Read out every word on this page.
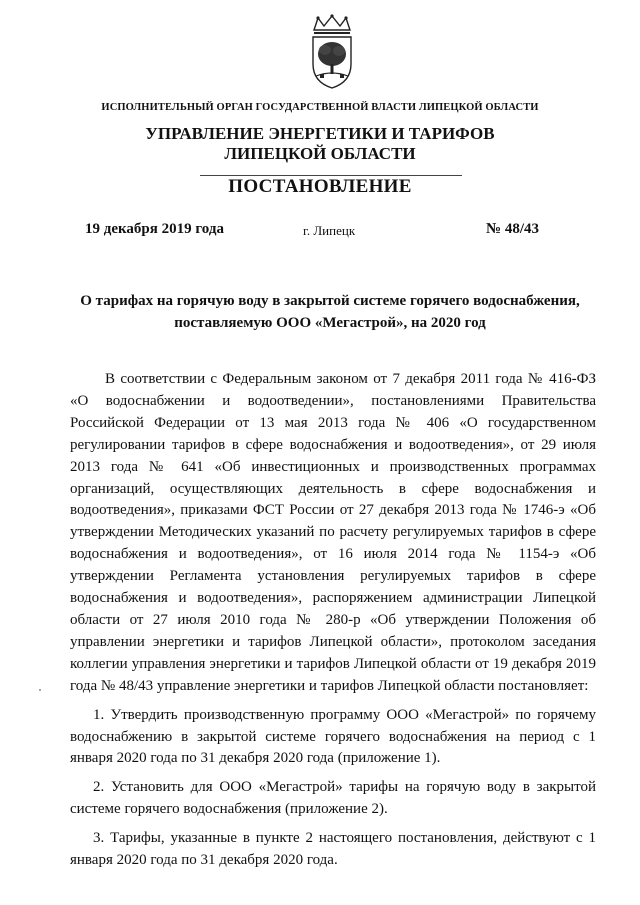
ИСПОЛНИТЕЛЬНЫЙ ОРГАН ГОСУДАРСТВЕННОЙ ВЛАСТИ ЛИПЕЦКОЙ ОБЛАСТИ
УПРАВЛЕНИЕ ЭНЕРГЕТИКИ И ТАРИФОВ
ЛИПЕЦКОЙ ОБЛАСТИ
ПОСТАНОВЛЕНИЕ
19 декабря 2019 года	г. Липецк	№ 48/43
О тарифах на горячую воду в закрытой системе горячего водоснабжения,
поставляемую ООО «Мегастрой», на 2020 год

В соответствии с Федеральным законом от 7 декабря 2011 года № 416-ФЗ «О водоснабжении и водоотведении», постановлениями Правительства Российской Федерации от 13 мая 2013 года № 406 «О государственном регулировании тарифов в сфере водоснабжения и водоотведения», от 29 июля 2013 года № 641 «Об инвестиционных и производственных программах организаций, осуществляющих деятельность в сфере водоснабжения и водоотведения», приказами ФСТ России от 27 декабря 2013 года № 1746-э «Об утверждении Методических указаний по расчету регулируемых тарифов в сфере водоснабжения и водоотведения», от 16 июля 2014 года № 1154-э «Об утверждении Регламента установления регулируемых тарифов в сфере водоснабжения и водоотведения», распоряжением администрации Липецкой области от 27 июля 2010 года № 280-р «Об утверждении Положения об управлении энергетики и тарифов Липецкой области», протоколом заседания коллегии управления энергетики и тарифов Липецкой области от 19 декабря 2019 года № 48/43 управление энергетики и тарифов Липецкой области постановляет:

1. Утвердить производственную программу ООО «Мегастрой» по горячему водоснабжению в закрытой системе горячего водоснабжения на период с 1 января 2020 года по 31 декабря 2020 года (приложение 1).

2. Установить для ООО «Мегастрой» тарифы на горячую воду в закрытой системе горячего водоснабжения (приложение 2).

3. Тарифы, указанные в пункте 2 настоящего постановления, действуют с 1 января 2020 года по 31 декабря 2020 года.
